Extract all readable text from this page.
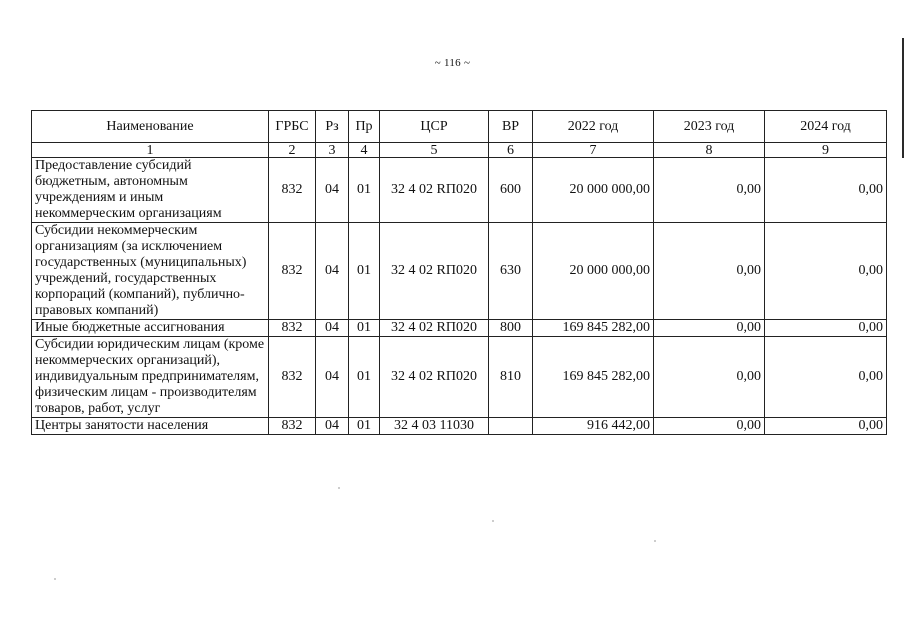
~ 116 ~
Наименование	ГРБС	Рз	Пр	ЦСР	ВР	2022 год	2023 год	2024 год
1	2	3	4	5	6	7	8	9
Предоставление субсидий бюджетным, автономным учреждениям и иным некоммерческим организациям	832	04	01	32 4 02 RП020	600	20 000 000,00	0,00	0,00
Субсидии некоммерческим организациям (за исключением государственных (муниципальных) учреждений, государственных корпораций (компаний), публично-правовых компаний)	832	04	01	32 4 02 RП020	630	20 000 000,00	0,00	0,00
Иные бюджетные ассигнования	832	04	01	32 4 02 RП020	800	169 845 282,00	0,00	0,00
Субсидии юридическим лицам (кроме некоммерческих организаций), индивидуальным предпринимателям, физическим лицам - производителям товаров, работ, услуг	832	04	01	32 4 02 RП020	810	169 845 282,00	0,00	0,00
Центры занятости населения	832	04	01	32 4 03 11030		916 442,00	0,00	0,00
